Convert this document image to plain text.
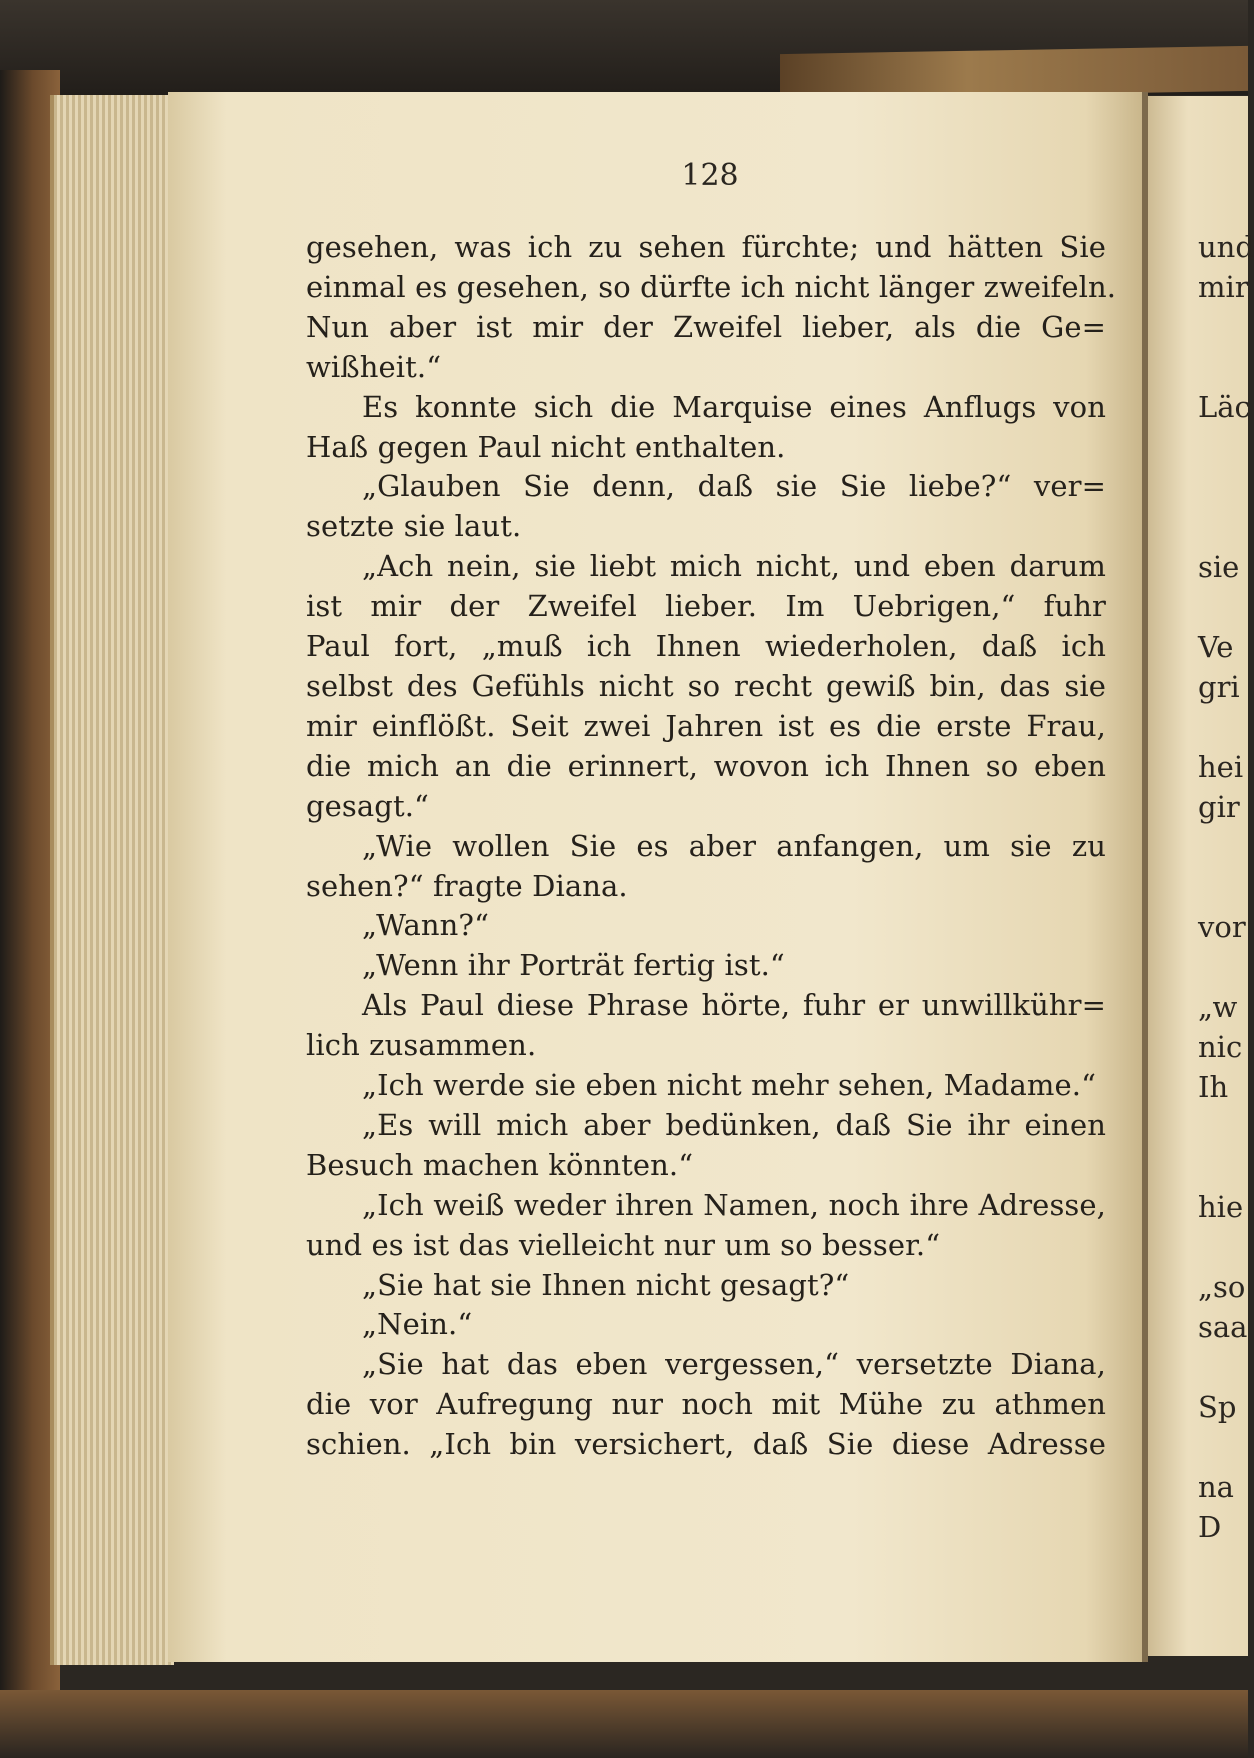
128
gesehen, was ich zu sehen fürchte; und hätten Sie
einmal es gesehen, so dürfte ich nicht länger zweifeln.
Nun aber ist mir der Zweifel lieber, als die Ge=
wißheit.“
Es konnte sich die Marquise eines Anflugs von
Haß gegen Paul nicht enthalten.
„Glauben Sie denn, daß sie Sie liebe?“ ver=
setzte sie laut.
„Ach nein, sie liebt mich nicht, und eben darum
ist mir der Zweifel lieber. Im Uebrigen,“ fuhr
Paul fort, „muß ich Ihnen wiederholen, daß ich
selbst des Gefühls nicht so recht gewiß bin, das sie
mir einflößt. Seit zwei Jahren ist es die erste Frau,
die mich an die erinnert, wovon ich Ihnen so eben
gesagt.“
„Wie wollen Sie es aber anfangen, um sie zu
sehen?“ fragte Diana.
„Wann?“
„Wenn ihr Porträt fertig ist.“
Als Paul diese Phrase hörte, fuhr er unwillkühr=
lich zusammen.
„Ich werde sie eben nicht mehr sehen, Madame.“
„Es will mich aber bedünken, daß Sie ihr einen
Besuch machen könnten.“
„Ich weiß weder ihren Namen, noch ihre Adresse,
und es ist das vielleicht nur um so besser.“
„Sie hat sie Ihnen nicht gesagt?“
„Nein.“
„Sie hat das eben vergessen,“ versetzte Diana,
die vor Aufregung nur noch mit Mühe zu athmen
schien. „Ich bin versichert, daß Sie diese Adresse
und
mir
Läc
sie
Ve
gri
hei
gir
vor
„w
nic
Ih
hie
„so
saa
Sp
na
D
